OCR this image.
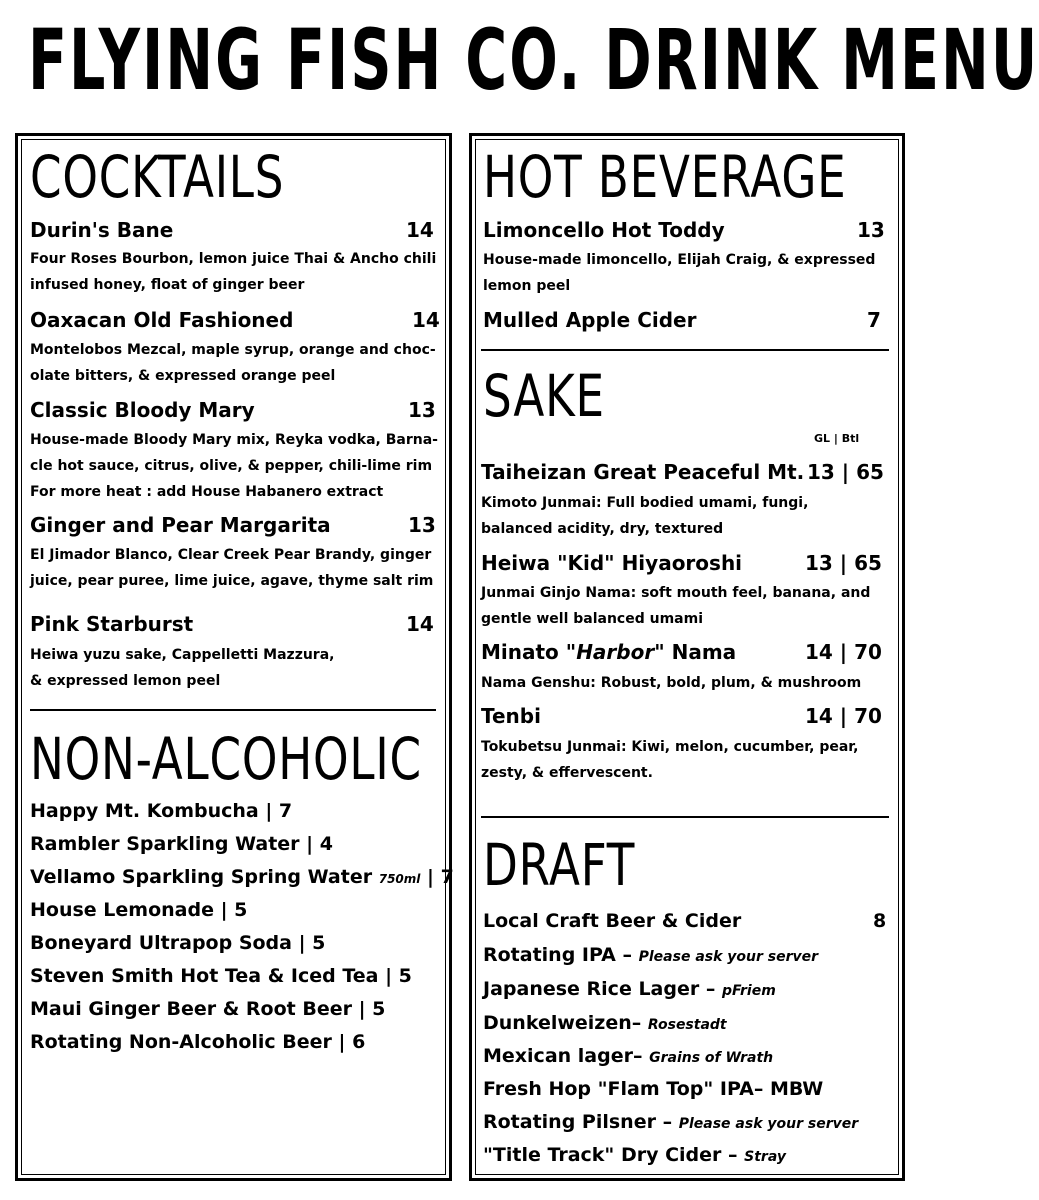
FLYING FISH CO. DRINK MENU
COCKTAILS
Durin's Bane	14
Four Roses Bourbon, lemon juice Thai & Ancho chili
infused honey, float of ginger beer
Oaxacan Old Fashioned	14
Montelobos Mezcal, maple syrup, orange and choc-
olate bitters, & expressed orange peel
Classic Bloody Mary	13
House-made Bloody Mary mix, Reyka vodka, Barna-
cle hot sauce, citrus, olive, & pepper, chili-lime rim
For more heat : add House Habanero extract
Ginger and Pear Margarita	13
El Jimador Blanco, Clear Creek Pear Brandy, ginger
juice, pear puree, lime juice, agave, thyme salt rim
Pink Starburst	14
Heiwa yuzu sake, Cappelletti Mazzura,
& expressed lemon peel
NON-ALCOHOLIC
Happy Mt. Kombucha | 7
Rambler Sparkling Water | 4
Vellamo Sparkling Spring Water 750ml | 7
House Lemonade | 5
Boneyard Ultrapop Soda | 5
Steven Smith Hot Tea & Iced Tea | 5
Maui Ginger Beer & Root Beer | 5
Rotating Non-Alcoholic Beer | 6
HOT BEVERAGE
Limoncello Hot Toddy	13
House-made limoncello, Elijah Craig, & expressed
lemon peel
Mulled Apple Cider	7
SAKE
GL | Btl
Taiheizan Great Peaceful Mt. 13 | 65
Kimoto Junmai: Full bodied umami, fungi,
balanced acidity, dry, textured
Heiwa "Kid" Hiyaoroshi	13 | 65
Junmai Ginjo Nama: soft mouth feel, banana, and
gentle well balanced umami
Minato "Harbor" Nama	14 | 70
Nama Genshu: Robust, bold, plum, & mushroom
Tenbi	14 | 70
Tokubetsu Junmai: Kiwi, melon, cucumber, pear,
zesty, & effervescent.
DRAFT
Local Craft Beer & Cider	8
Rotating IPA – Please ask your server
Japanese Rice Lager – pFriem
Dunkelweizen– Rosestadt
Mexican lager– Grains of Wrath
Fresh Hop "Flam Top" IPA– MBW
Rotating Pilsner – Please ask your server
"Title Track" Dry Cider – Stray
